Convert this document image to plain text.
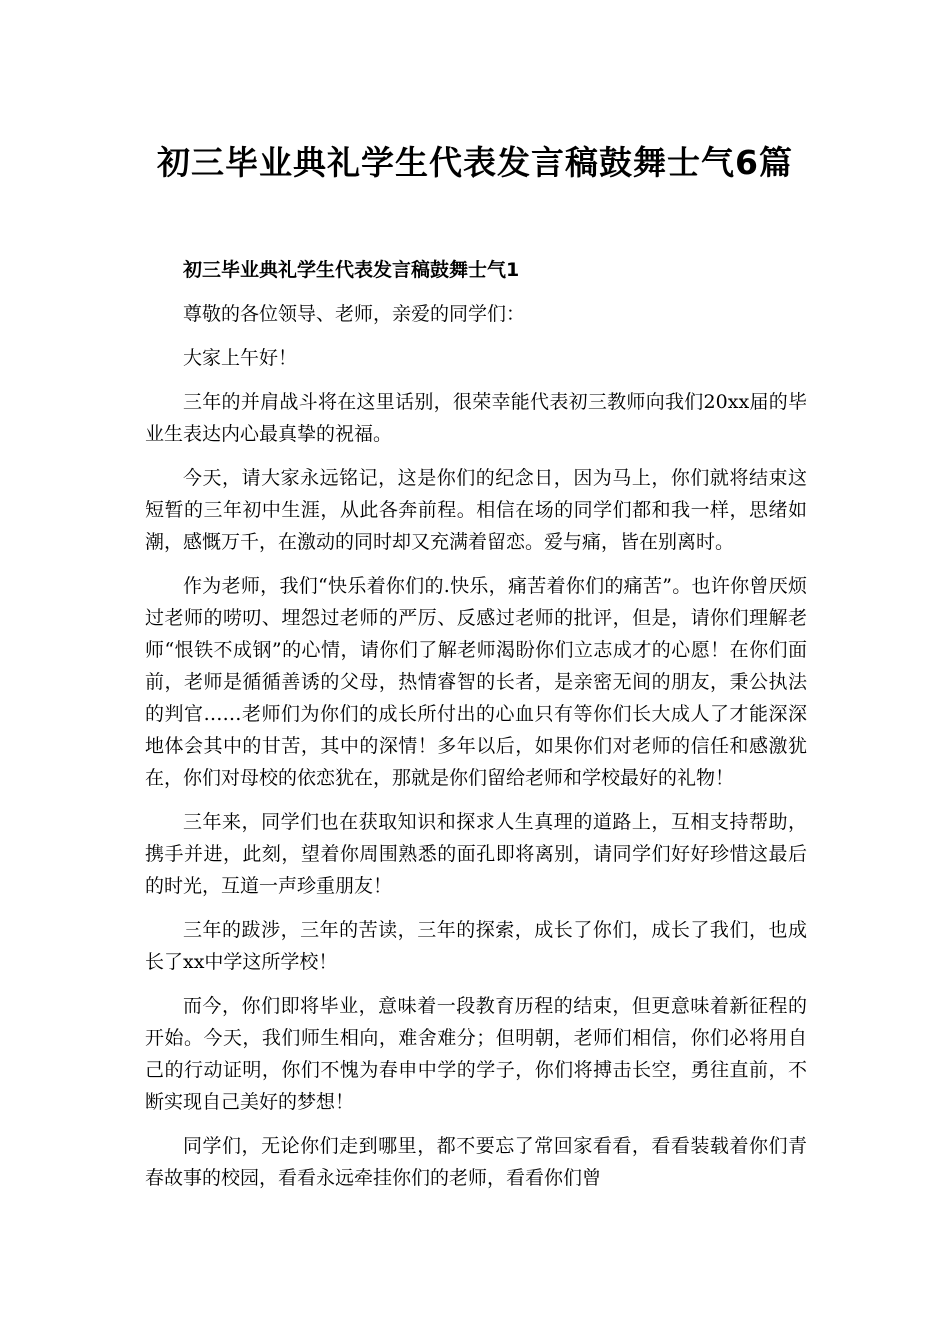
初三毕业典礼学生代表发言稿鼓舞士气6篇

初三毕业典礼学生代表发言稿鼓舞士气1

尊敬的各位领导、老师，亲爱的同学们：

大家上午好！

三年的并肩战斗将在这里话别，很荣幸能代表初三教师向我们20xx届的毕业生表达内心最真挚的祝福。

今天，请大家永远铭记，这是你们的纪念日，因为马上，你们就将结束这短暂的三年初中生涯，从此各奔前程。相信在场的同学们都和我一样，思绪如潮，感慨万千，在激动的同时却又充满着留恋。爱与痛，皆在别离时。

作为老师，我们“快乐着你们的.快乐，痛苦着你们的痛苦”。也许你曾厌烦过老师的唠叨、埋怨过老师的严厉、反感过老师的批评，但是，请你们理解老师“恨铁不成钢”的心情，请你们了解老师渴盼你们立志成才的心愿！在你们面前，老师是循循善诱的父母，热情睿智的长者，是亲密无间的朋友，秉公执法的判官……老师们为你们的成长所付出的心血只有等你们长大成人了才能深深地体会其中的甘苦，其中的深情！多年以后，如果你们对老师的信任和感激犹在，你们对母校的依恋犹在，那就是你们留给老师和学校最好的礼物！

三年来，同学们也在获取知识和探求人生真理的道路上，互相支持帮助，携手并进，此刻，望着你周围熟悉的面孔即将离别，请同学们好好珍惜这最后的时光，互道一声珍重朋友！

三年的跋涉，三年的苦读，三年的探索，成长了你们，成长了我们，也成长了xx中学这所学校！

而今，你们即将毕业，意味着一段教育历程的结束，但更意味着新征程的开始。今天，我们师生相向，难舍难分；但明朝，老师们相信，你们必将用自己的行动证明，你们不愧为春申中学的学子，你们将搏击长空，勇往直前，不断实现自己美好的梦想！

同学们，无论你们走到哪里，都不要忘了常回家看看，看看装载着你们青春故事的校园，看看永远牵挂你们的老师，看看你们曾
